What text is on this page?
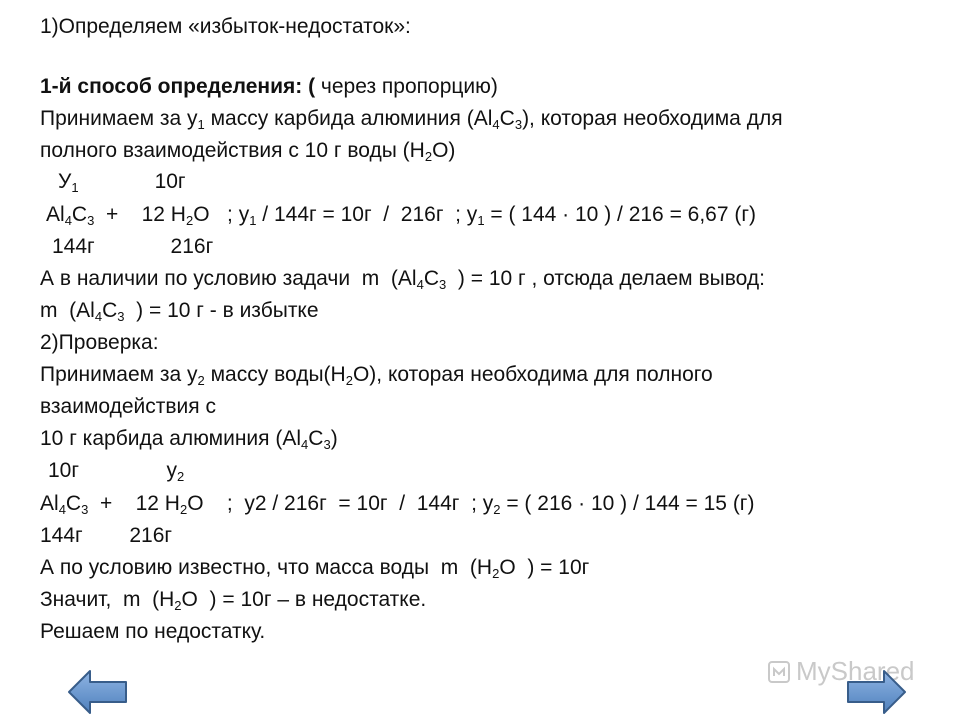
1)Определяем «избыток-недостаток»:
1-й способ определения: ( через пропорцию)
Принимаем за $у_1$ массу карбида алюминия $(Al_4C_3)$, которая необходима для
полного взаимодействия с 10 г воды $(H_2O)$
$У_1$	10г
$Al_4C_3$  +    12 $H_2O$   ; $y_1 / 144г = 10г / 216г$  ; $y_1$ = ( 144 · 10 ) / 216 = 6,67 (г)
144г             216г
А в наличии по условию задачи  m  ($Al_4C_3$  ) = 10 г , отсюда делаем вывод:
m  ($Al_4C_3$  ) = 10 г - в избытке
2)Проверка:
Принимаем за $у_2$ массу $воды(H_2O)$, которая необходима для полного
взаимодействия с
10 г карбида алюминия $(Al_4C_3)$
10г               $у_2$
$Al_4C_3$  +    12 $H_2O$    ;  у2 / 216г  = 10г  /  144г  ; $y_2$ = ( 216 · 10 ) / 144 = 15 (г)
144г        216г
А по условию известно, что масса воды  m  ($H_2O$  ) = 10г
Значит,  m  ($H_2O$  ) = 10г – в недостатке.
Решаем по недостатку.
MyShared
